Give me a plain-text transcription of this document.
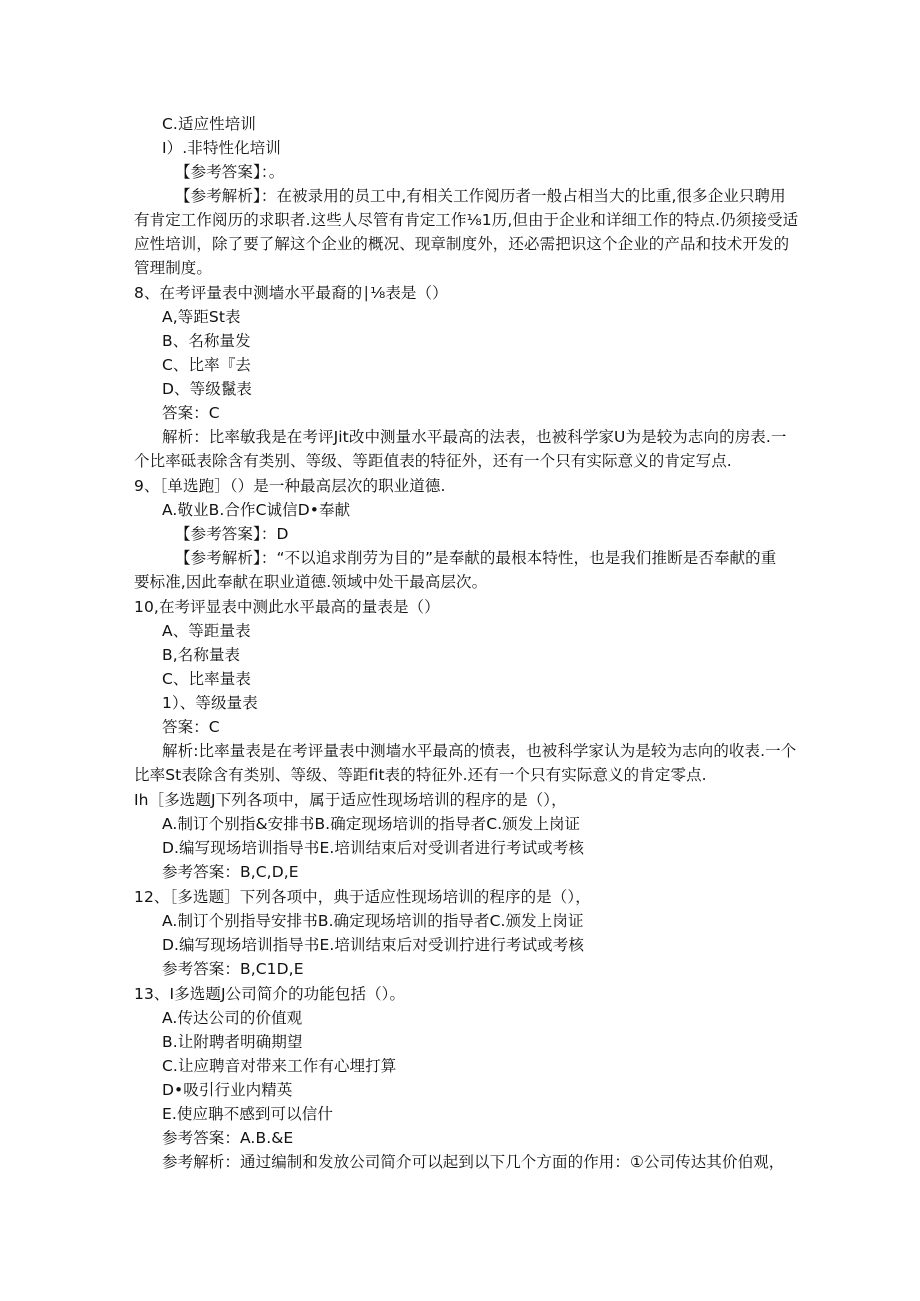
C.适应性培训
I）.非特性化培训
【参考答案】：。
【参考解析】：在被录用的员工中,有相关工作阅历者一般占相当大的比重,很多企业只聘用
有肯定工作阅历的求职者.这些人尽管有肯定工作⅛1历,但由于企业和详细工作的特点.仍须接受适
应性培训，除了要了解这个企业的概况、现章制度外，还必需把识这个企业的产品和技术开发的
管理制度。
8、在考评量表中测墙水平最裔的∣⅛表是（）
A,等距St表
B、名称量发
C、比率『去
D、等级鬣表
答案：C
解析：比率敏我是在考评Jit改中测量水平最高的法表，也被科学家U为是较为志向的房表.一
个比率砥表除含有类别、等级、等距值表的特征外，还有一个只有实际意义的肯定写点.
9、［单选跑］（）是一种最高层次的职业道德.
A.敬业B.合作C诚信D•奉献
【参考答案】：D
【参考解析】：“不以追求削劳为目的”是奉献的最根本特性，也是我们推断是否奉献的重
要标准,因此奉献在职业道德.领域中处干最高层次。
10,在考评显表中测此水平最高的量表是（）
A、等距量表
B,名称量表
C、比率量表
1）、等级量表
答案：C
解析:比率量表是在考评量表中测墙水平最高的愤表，也被科学家认为是较为志向的收表.一个
比率St表除含有类别、等级、等距fit表的特征外.还有一个只有实际意义的肯定零点.
Ih［多选题J下列各项中，属于适应性现场培训的程序的是（），
A.制订个别指&安排书B.确定现场培训的指导者C.颁发上岗证
D.编写现场培训指导书E.培训结束后对受训者进行考试或考核
参考答案：B,C,D,E
12、［多选题］下列各项中，典于适应性现场培训的程序的是（），
A.制订个别指导安排书B.确定现场培训的指导者C.颁发上岗证
D.编写现场培训指导书E.培训结束后对受训拧进行考试或考核
参考答案：B,C1D,E
13、I多选题J公司简介的功能包括（）。
A.传达公司的价值观
B.让附聘者明确期望
C.让应聘音对带来工作有心埋打算
D•吸引行业内精英
E.使应聃不感到可以信什
参考答案：A.B.&E
参考解析：通过编制和发放公司简介可以起到以下几个方面的作用：①公司传达其价伯观，
